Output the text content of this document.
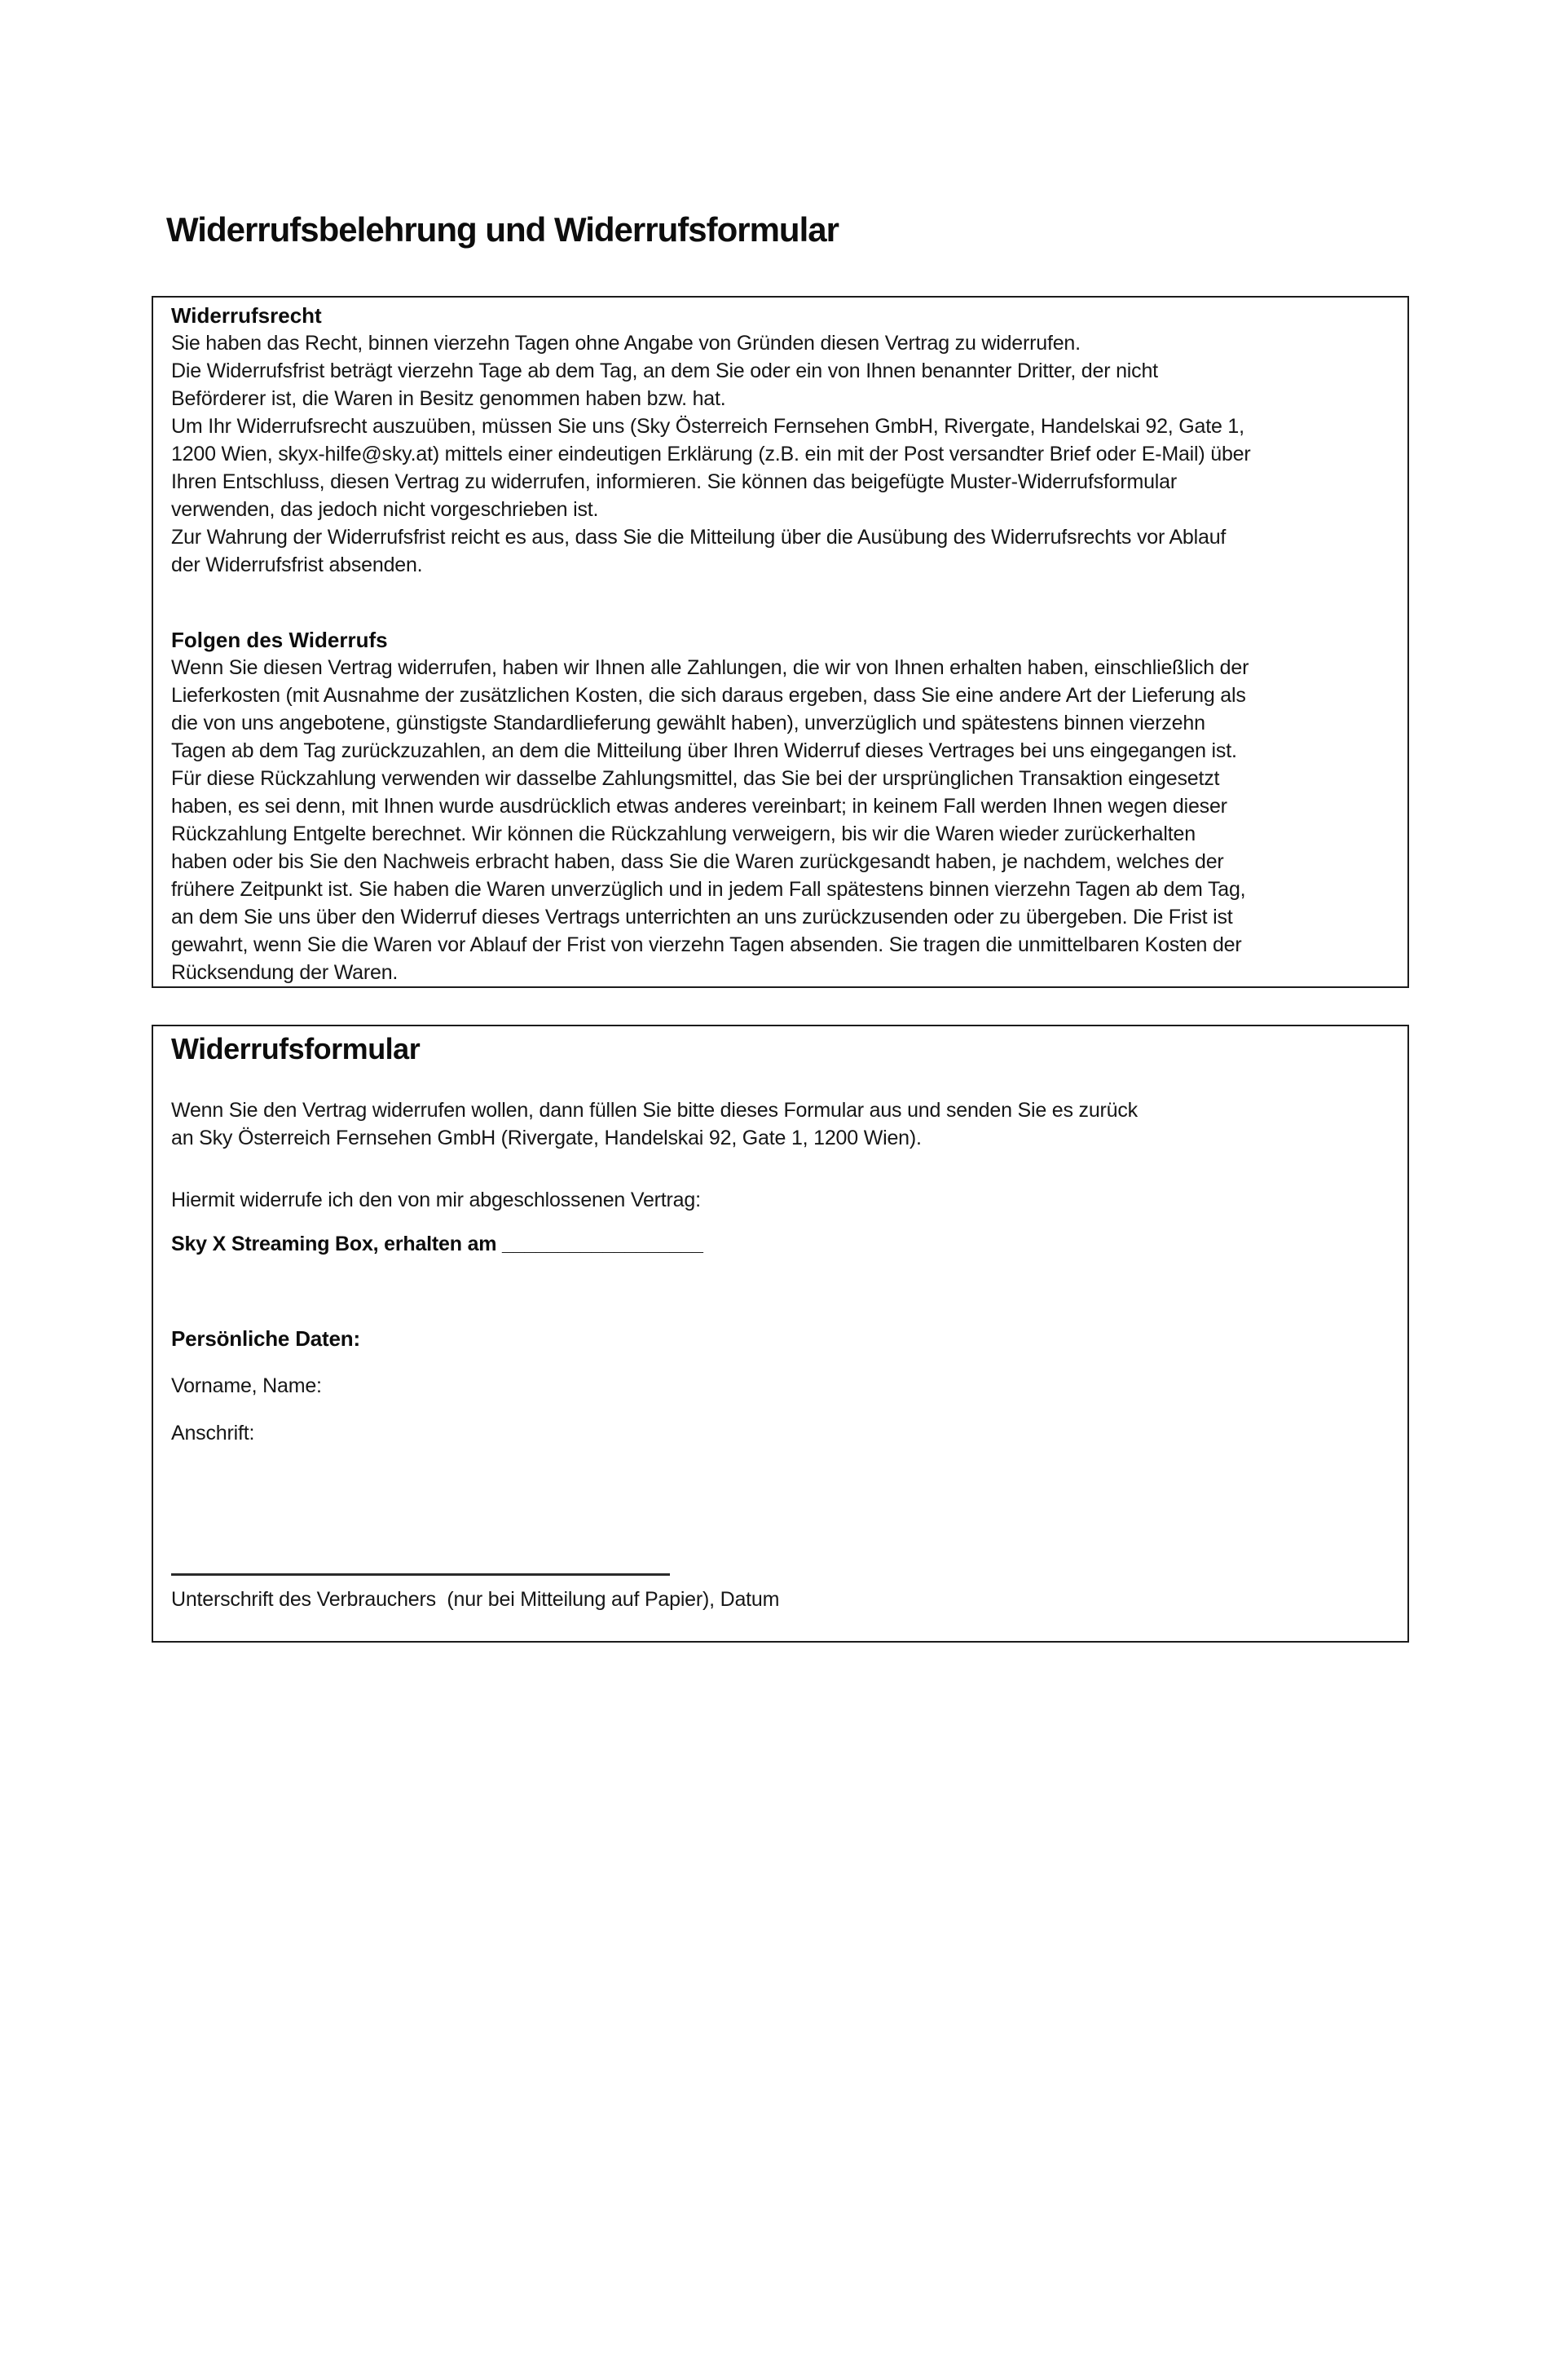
Widerrufsbelehrung und Widerrufsformular
Widerrufsrecht
Sie haben das Recht, binnen vierzehn Tagen ohne Angabe von Gründen diesen Vertrag zu widerrufen.
Die Widerrufsfrist beträgt vierzehn Tage ab dem Tag, an dem Sie oder ein von Ihnen benannter Dritter, der nicht
Beförderer ist, die Waren in Besitz genommen haben bzw. hat.
Um Ihr Widerrufsrecht auszuüben, müssen Sie uns (Sky Österreich Fernsehen GmbH, Rivergate, Handelskai 92, Gate 1,
1200 Wien, skyx-hilfe@sky.at) mittels einer eindeutigen Erklärung (z.B. ein mit der Post versandter Brief oder E-Mail) über
Ihren Entschluss, diesen Vertrag zu widerrufen, informieren. Sie können das beigefügte Muster-Widerrufsformular
verwenden, das jedoch nicht vorgeschrieben ist.
Zur Wahrung der Widerrufsfrist reicht es aus, dass Sie die Mitteilung über die Ausübung des Widerrufsrechts vor Ablauf
der Widerrufsfrist absenden.
Folgen des Widerrufs
Wenn Sie diesen Vertrag widerrufen, haben wir Ihnen alle Zahlungen, die wir von Ihnen erhalten haben, einschließlich der
Lieferkosten (mit Ausnahme der zusätzlichen Kosten, die sich daraus ergeben, dass Sie eine andere Art der Lieferung als
die von uns angebotene, günstigste Standardlieferung gewählt haben), unverzüglich und spätestens binnen vierzehn
Tagen ab dem Tag zurückzuzahlen, an dem die Mitteilung über Ihren Widerruf dieses Vertrages bei uns eingegangen ist.
Für diese Rückzahlung verwenden wir dasselbe Zahlungsmittel, das Sie bei der ursprünglichen Transaktion eingesetzt
haben, es sei denn, mit Ihnen wurde ausdrücklich etwas anderes vereinbart; in keinem Fall werden Ihnen wegen dieser
Rückzahlung Entgelte berechnet. Wir können die Rückzahlung verweigern, bis wir die Waren wieder zurückerhalten
haben oder bis Sie den Nachweis erbracht haben, dass Sie die Waren zurückgesandt haben, je nachdem, welches der
frühere Zeitpunkt ist. Sie haben die Waren unverzüglich und in jedem Fall spätestens binnen vierzehn Tagen ab dem Tag,
an dem Sie uns über den Widerruf dieses Vertrags unterrichten an uns zurückzusenden oder zu übergeben. Die Frist ist
gewahrt, wenn Sie die Waren vor Ablauf der Frist von vierzehn Tagen absenden. Sie tragen die unmittelbaren Kosten der
Rücksendung der Waren.
Widerrufsformular
Wenn Sie den Vertrag widerrufen wollen, dann füllen Sie bitte dieses Formular aus und senden Sie es zurück
an Sky Österreich Fernsehen GmbH (Rivergate, Handelskai 92, Gate 1, 1200 Wien).

Hiermit widerrufe ich den von mir abgeschlossenen Vertrag:

Sky X Streaming Box, erhalten am __________________

Persönliche Daten:

Vorname, Name:

Anschrift:

Unterschrift des Verbrauchers  (nur bei Mitteilung auf Papier), Datum
